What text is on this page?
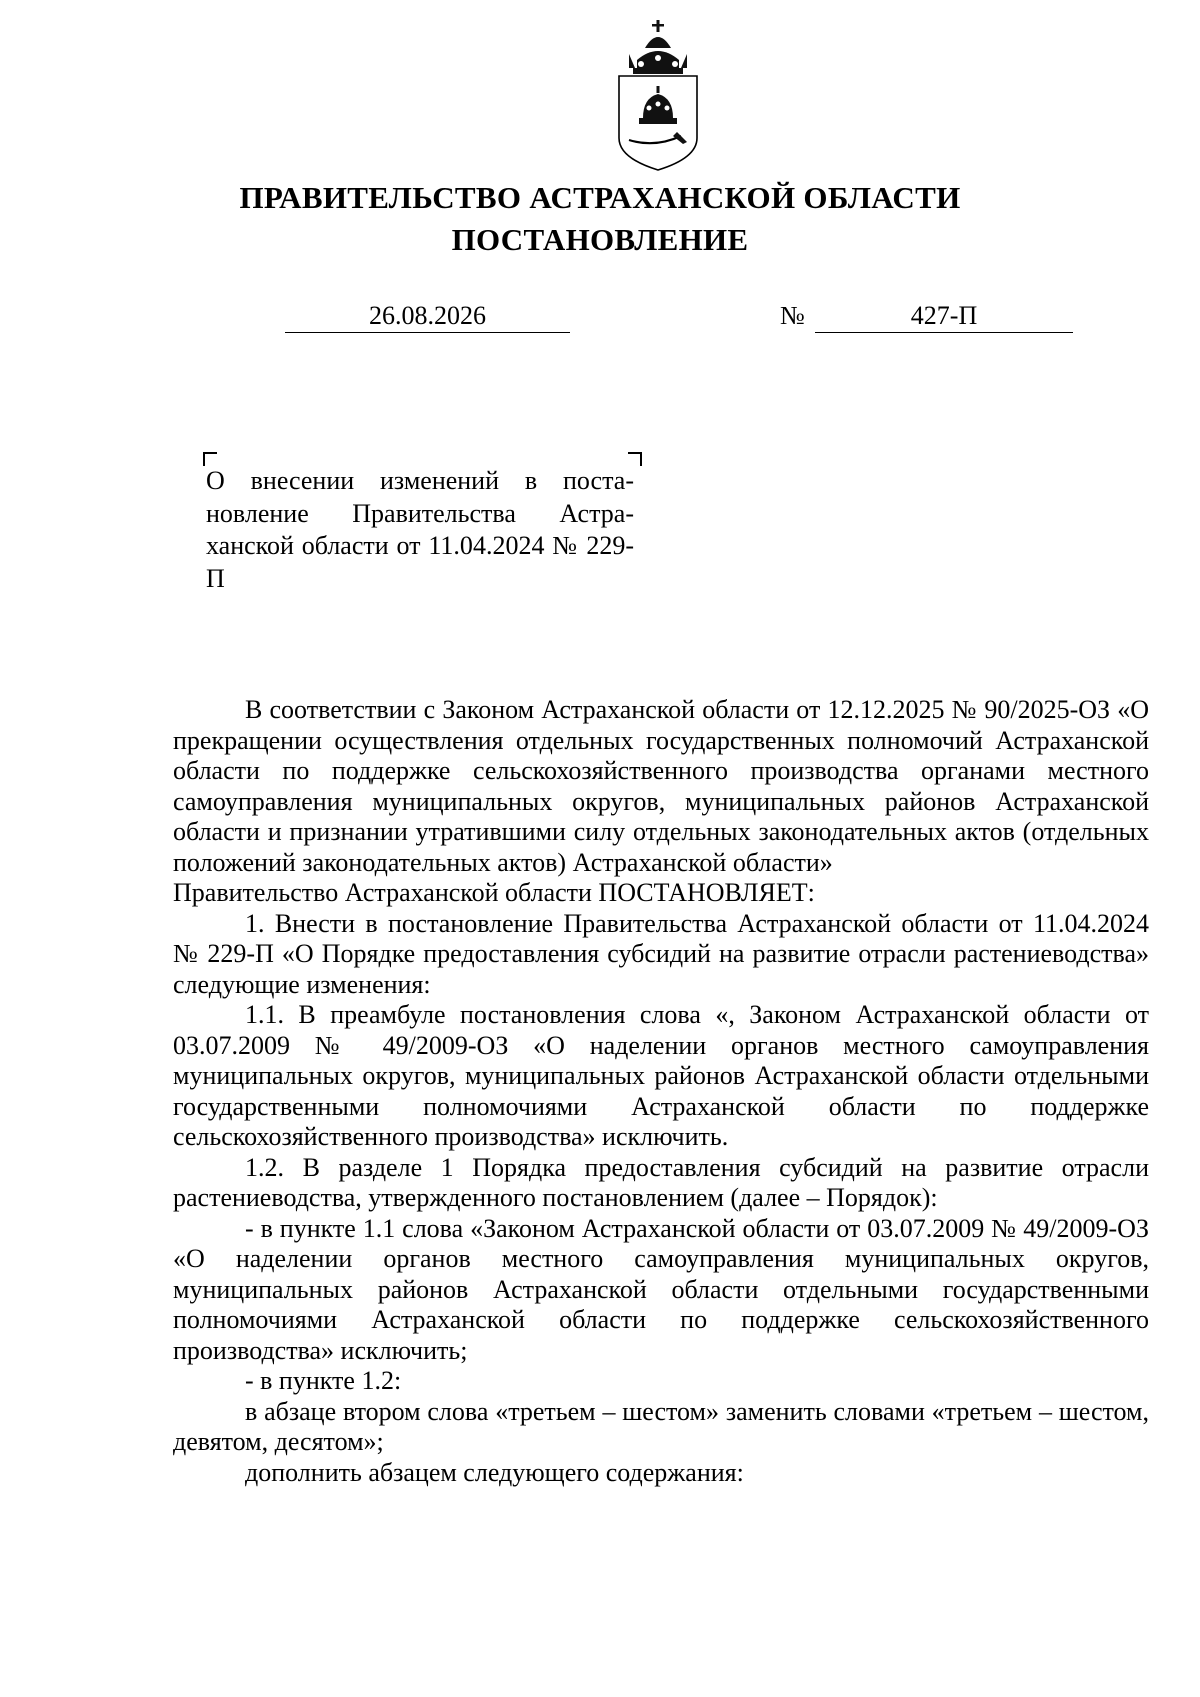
ПРАВИТЕЛЬСТВО АСТРАХАНСКОЙ ОБЛАСТИ
ПОСТАНОВЛЕНИЕ
26.08.2026	№	427-П
О внесении изменений в постановление Правительства Астраханской области от 11.04.2024 № 229-П

В соответствии с Законом Астраханской области от 12.12.2025 № 90/2025-ОЗ «О прекращении осуществления отдельных государственных полномочий Астраханской области по поддержке сельскохозяйственного производства органами местного самоуправления муниципальных округов, муниципальных районов Астраханской области и признании утратившими силу отдельных законодательных актов (отдельных положений законодательных актов) Астраханской области»

Правительство Астраханской области ПОСТАНОВЛЯЕТ:

1. Внести в постановление Правительства Астраханской области от 11.04.2024 № 229-П «О Порядке предоставления субсидий на развитие отрасли растениеводства» следующие изменения:

1.1. В преамбуле постановления слова «, Законом Астраханской области от 03.07.2009 № 49/2009-ОЗ «О наделении органов местного самоуправления муниципальных округов, муниципальных районов Астраханской области отдельными государственными полномочиями Астраханской области по поддержке сельскохозяйственного производства» исключить.

1.2. В разделе 1 Порядка предоставления субсидий на развитие отрасли растениеводства, утвержденного постановлением (далее – Порядок):

- в пункте 1.1 слова «Законом Астраханской области от 03.07.2009 № 49/2009-ОЗ «О наделении органов местного самоуправления муниципальных округов, муниципальных районов Астраханской области отдельными государственными полномочиями Астраханской области по поддержке сельскохозяйственного производства» исключить;

- в пункте 1.2:

в абзаце втором слова «третьем – шестом» заменить словами «третьем – шестом, девятом, десятом»;

дополнить абзацем следующего содержания:
